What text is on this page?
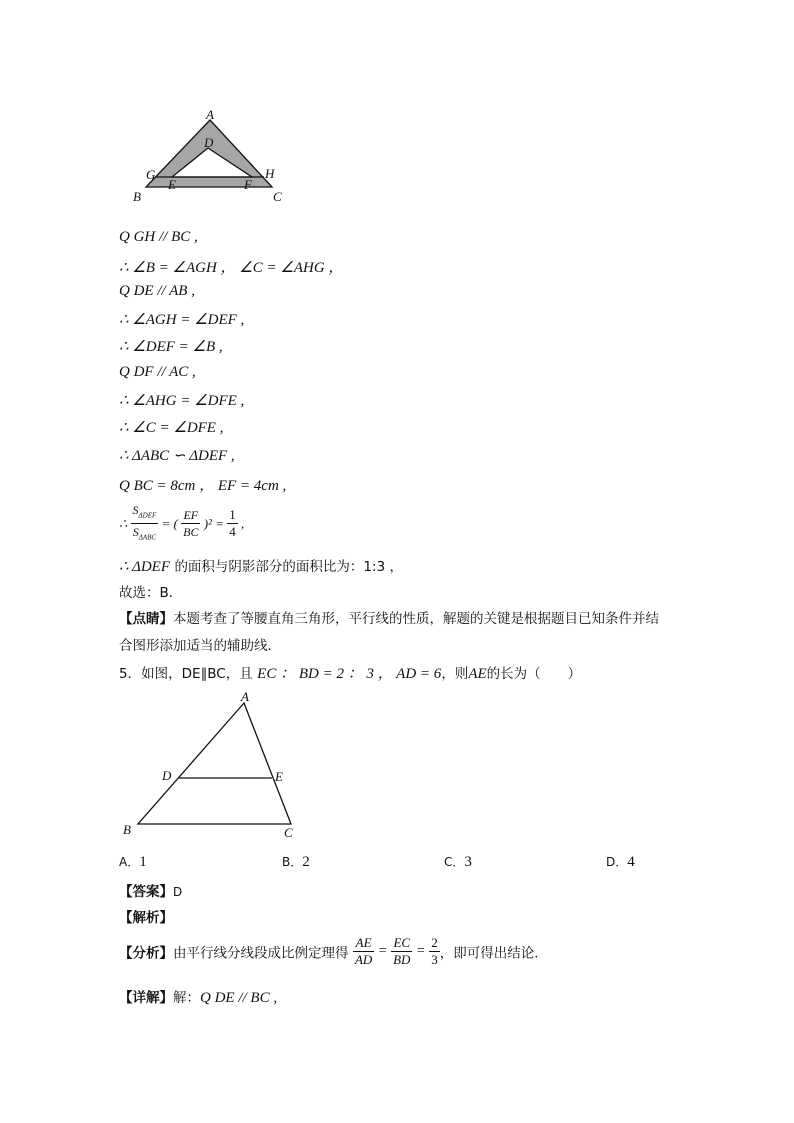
A
D
G	H
E	F
B	C
Q GH // BC ,
∴ ∠B = ∠AGH ， ∠C = ∠AHG ，
Q DE // AB ,
∴ ∠AGH = ∠DEF ,
∴ ∠DEF = ∠B ,
Q DF // AC ,
∴ ∠AHG = ∠DFE ,
∴ ∠C = ∠DFE ,
∴ ΔABC ∽ ΔDEF ,
Q BC = 8cm ， EF = 4cm ,
∴ $\frac{S_{\Delta DEF}}{S_{\Delta ABC}}$ = ( $\frac{EF}{BC} )^2 = \frac{1}{4}$ ,
∴ ΔDEF 的面积与阴影部分的面积比为：1:3 ，
故选：B．
【点睛】本题考查了等腰直角三角形，平行线的性质，解题的关键是根据题目已知条件并结
合图形添加适当的辅助线．
5．如图，DE∥BC，且 EC ： BD = 2 ： 3 ， AD = 6，则AE的长为（　　）
A
D	E
B	C
A．1	B．2	C．3	D．4
【答案】D
【解析】
【分析】由平行线分线段成比例定理得 $\frac{AE}{AD} = \frac{EC}{BD} = \frac{2}{3}$ ，即可得出结论．
【详解】解：Q DE // BC ,
